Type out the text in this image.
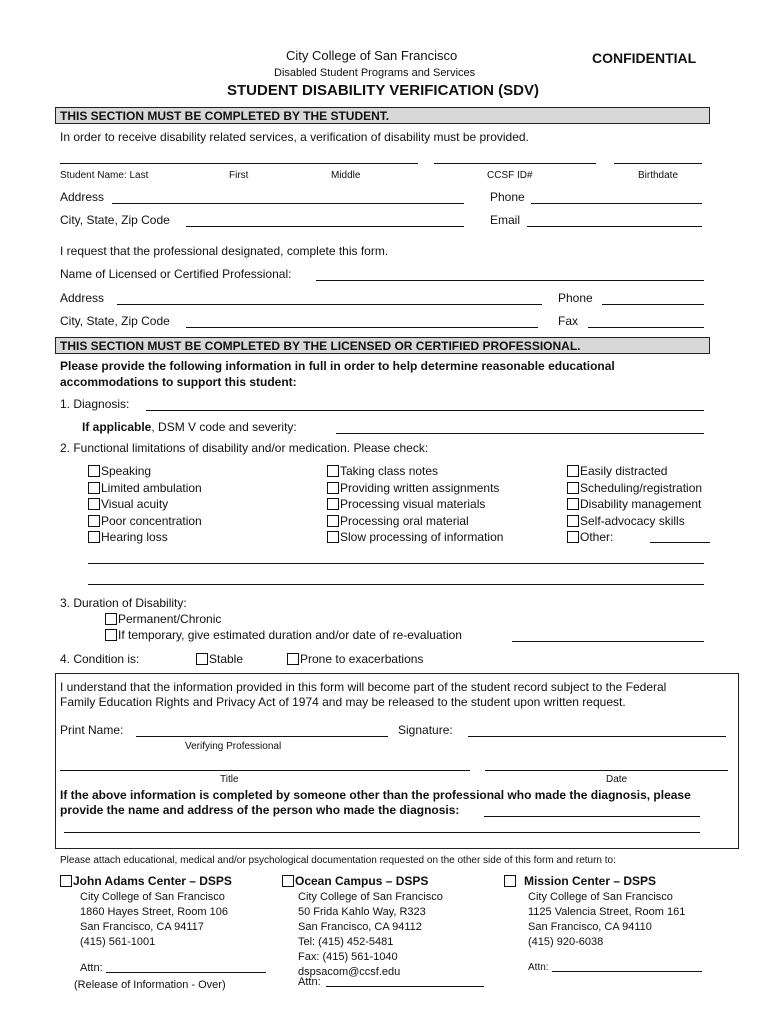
City College of San Francisco	CONFIDENTIAL
Disabled Student Programs and Services
STUDENT DISABILITY VERIFICATION (SDV)
THIS SECTION MUST BE COMPLETED BY THE STUDENT.
In order to receive disability related services, a verification of disability must be provided.
Student Name: Last	First	Middle	CCSF ID#	Birthdate
Address	Phone
City, State, Zip Code	Email
I request that the professional designated, complete this form.
Name of Licensed or Certified Professional:
Address	Phone
City, State, Zip Code	Fax
THIS SECTION MUST BE COMPLETED BY THE LICENSED OR CERTIFIED PROFESSIONAL.
Please provide the following information in full in order to help determine reasonable educational
accommodations to support this student:
1. Diagnosis:
If applicable, DSM V code and severity:
2. Functional limitations of disability and/or medication. Please check:
Speaking
Limited ambulation
Visual acuity
Poor concentration
Hearing loss
Taking class notes
Providing written assignments
Processing visual materials
Processing oral material
Slow processing of information
Easily distracted
Scheduling/registration
Disability management
Self-advocacy skills
Other:
3. Duration of Disability:
Permanent/Chronic
If temporary, give estimated duration and/or date of re-evaluation
4. Condition is:	Stable	Prone to exacerbations
I understand that the information provided in this form will become part of the student record subject to the Federal
Family Education Rights and Privacy Act of 1974 and may be released to the student upon written request.
Print Name:	Signature:
Verifying Professional
Title	Date
If the above information is completed by someone other than the professional who made the diagnosis, please
provide the name and address of the person who made the diagnosis:
Please attach educational, medical and/or psychological documentation requested on the other side of this form and return to:
John Adams Center – DSPS
City College of San Francisco
1860 Hayes Street, Room 106
San Francisco, CA 94117
(415) 561-1001
Attn:
(Release of Information - Over)
Ocean Campus – DSPS
City College of San Francisco
50 Frida Kahlo Way, R323
San Francisco, CA 94112
Tel: (415) 452-5481
Fax: (415) 561-1040
dspsacom@ccsf.edu
Attn:
Mission Center – DSPS
City College of San Francisco
1125 Valencia Street, Room 161
San Francisco, CA 94110
(415) 920-6038
Attn:
